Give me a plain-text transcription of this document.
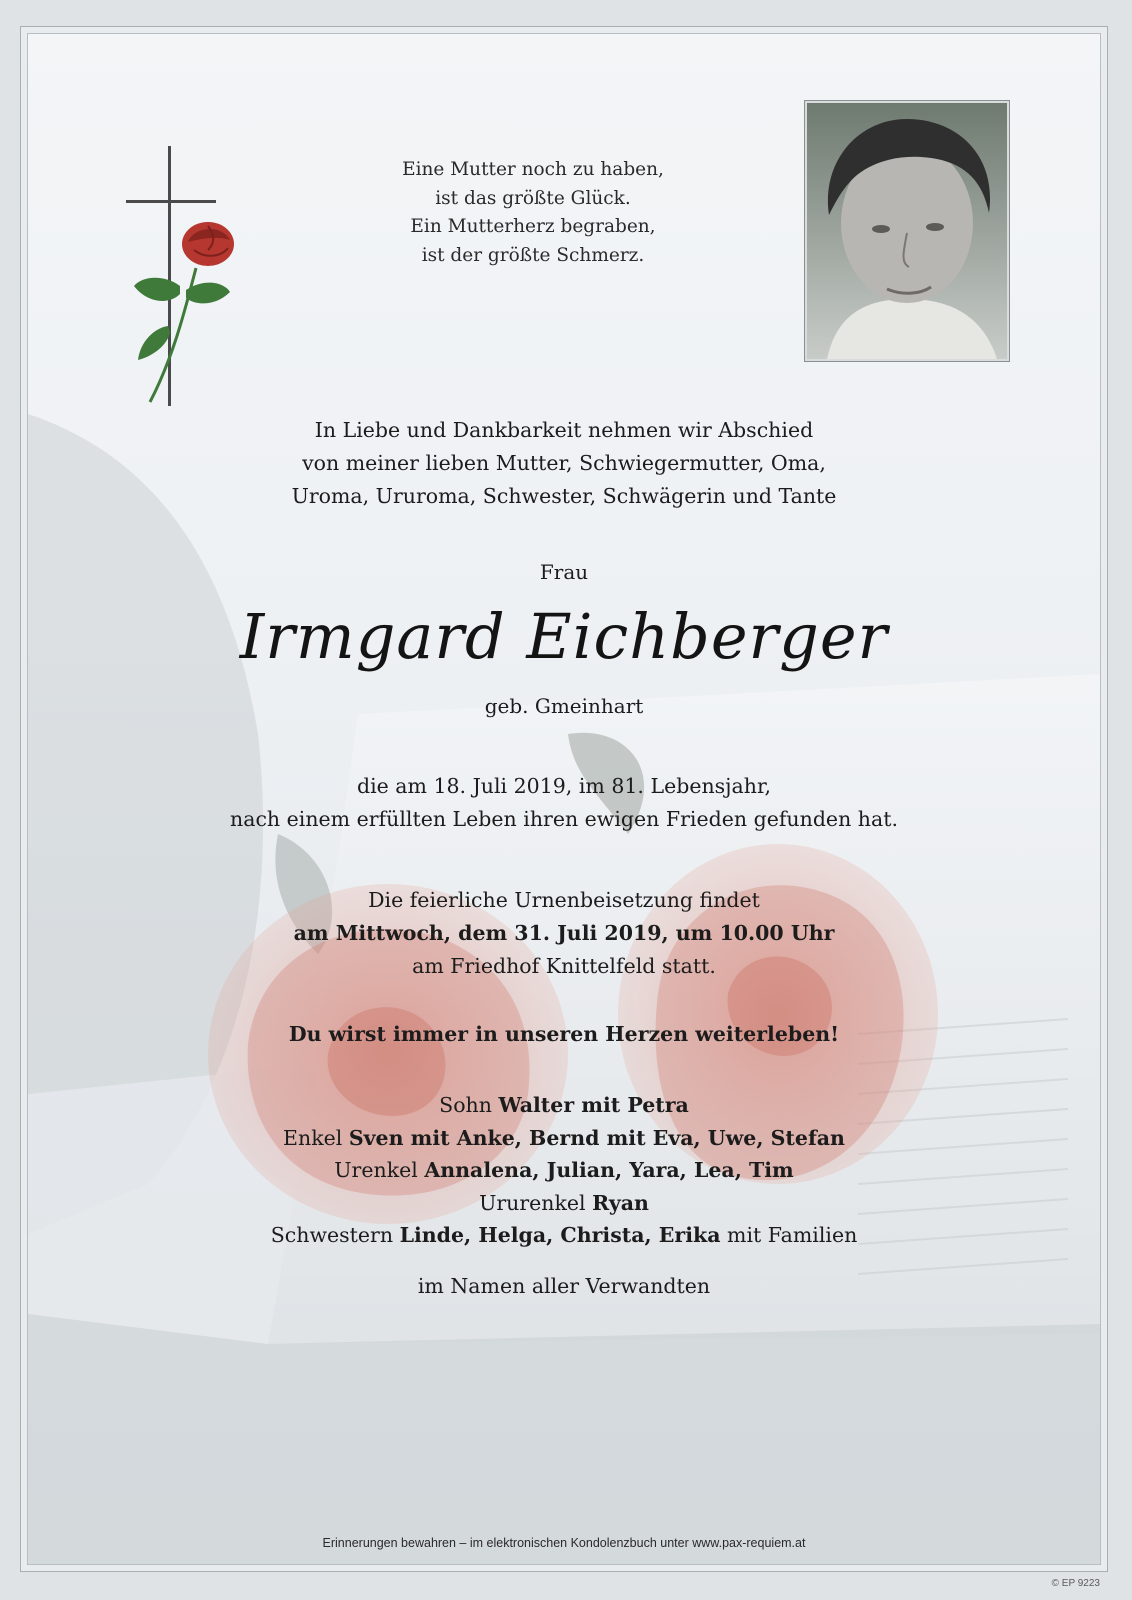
Eine Mutter noch zu haben,
ist das größte Glück.
Ein Mutterherz begraben,
ist der größte Schmerz.
In Liebe und Dankbarkeit nehmen wir Abschied
von meiner lieben Mutter, Schwiegermutter, Oma,
Uroma, Ururoma, Schwester, Schwägerin und Tante
Frau
Irmgard Eichberger
geb. Gmeinhart
die am 18. Juli 2019, im 81. Lebensjahr,
nach einem erfüllten Leben ihren ewigen Frieden gefunden hat.
Die feierliche Urnenbeisetzung findet
am Mittwoch, dem 31. Juli 2019, um 10.00 Uhr
am Friedhof Knittelfeld statt.
Du wirst immer in unseren Herzen weiterleben!
Sohn Walter mit Petra
Enkel Sven mit Anke, Bernd mit Eva, Uwe, Stefan
Urenkel Annalena, Julian, Yara, Lea, Tim
Ururenkel Ryan
Schwestern Linde, Helga, Christa, Erika mit Familien
im Namen aller Verwandten
Erinnerungen bewahren – im elektronischen Kondolenzbuch unter www.pax-requiem.at
© EP 9223
